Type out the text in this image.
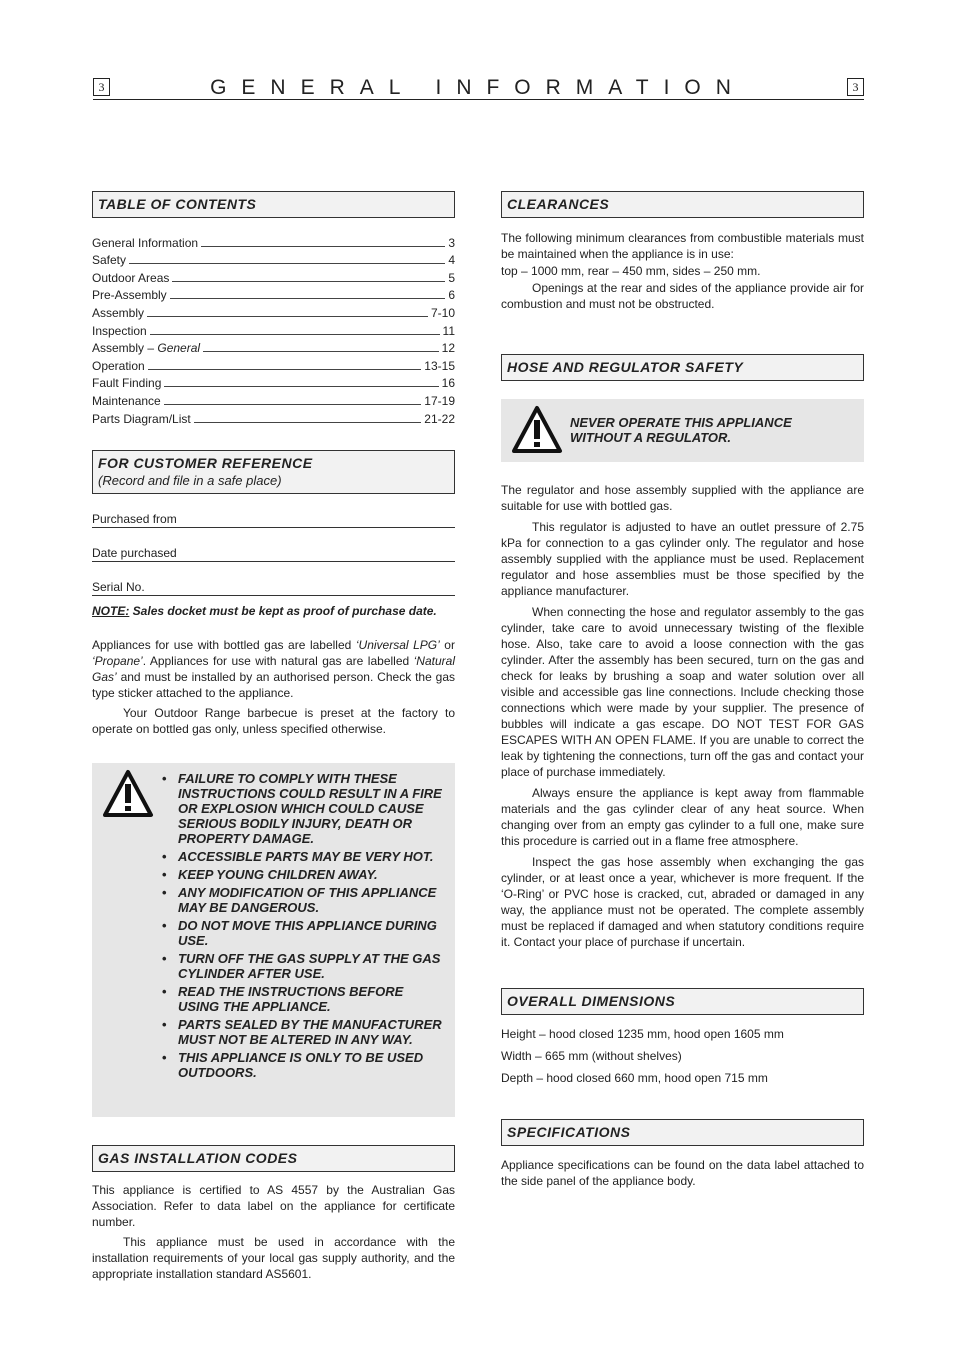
3	GENERAL INFORMATION	3
TABLE OF CONTENTS
General Information	3
Safety	4
Outdoor Areas	5
Pre-Assembly	6
Assembly	7-10
Inspection	11
Assembly – General	12
Operation	13-15
Fault Finding	16
Maintenance	17-19
Parts Diagram/List	21-22
FOR CUSTOMER REFERENCE
(Record and file in a safe place)
Purchased from
Date purchased
Serial No.
NOTE: Sales docket must be kept as proof of purchase date.

Appliances for use with bottled gas are labelled ‘Universal LPG’ or ‘Propane’. Appliances for use with natural gas are labelled ‘Natural Gas’ and must be installed by an authorised person. Check the gas type sticker attached to the appliance.

Your Outdoor Range barbecue is preset at the factory to operate on bottled gas only, unless specified otherwise.

• FAILURE TO COMPLY WITH THESE INSTRUCTIONS COULD RESULT IN A FIRE OR EXPLOSION WHICH COULD CAUSE SERIOUS BODILY INJURY, DEATH OR PROPERTY DAMAGE.
• ACCESSIBLE PARTS MAY BE VERY HOT.
• KEEP YOUNG CHILDREN AWAY.
• ANY MODIFICATION OF THIS APPLIANCE MAY BE DANGEROUS.
• DO NOT MOVE THIS APPLIANCE DURING USE.
• TURN OFF THE GAS SUPPLY AT THE GAS CYLINDER AFTER USE.
• READ THE INSTRUCTIONS BEFORE USING THE APPLIANCE.
• PARTS SEALED BY THE MANUFACTURER MUST NOT BE ALTERED IN ANY WAY.
• THIS APPLIANCE IS ONLY TO BE USED OUTDOORS.
GAS INSTALLATION CODES

This appliance is certified to AS 4557 by the Australian Gas Association. Refer to data label on the appliance for certificate number.

This appliance must be used in accordance with the installation requirements of your local gas supply authority, and the appropriate installation standard AS5601.

CLEARANCES

The following minimum clearances from combustible materials must be maintained when the appliance is in use:

top – 1000 mm, rear – 450 mm, sides – 250 mm.

Openings at the rear and sides of the appliance provide air for combustion and must not be obstructed.

HOSE AND REGULATOR SAFETY
NEVER OPERATE THIS APPLIANCE WITHOUT A REGULATOR.

The regulator and hose assembly supplied with the appliance are suitable for use with bottled gas.

This regulator is adjusted to have an outlet pressure of 2.75 kPa for connection to a gas cylinder only. The regulator and hose assembly supplied with the appliance must be used. Replacement regulator and hose assemblies must be those specified by the appliance manufacturer.

When connecting the hose and regulator assembly to the gas cylinder, take care to avoid unnecessary twisting of the flexible hose. Also, take care to avoid a loose connection with the gas cylinder. After the assembly has been secured, turn on the gas and check for leaks by brushing a soap and water solution over all visible and accessible gas line connections. Include checking those connections which were made by your supplier. The presence of bubbles will indicate a gas escape. DO NOT TEST FOR GAS ESCAPES WITH AN OPEN FLAME. If you are unable to correct the leak by tightening the connections, turn off the gas and contact your place of purchase immediately.

Always ensure the appliance is kept away from flammable materials and the gas cylinder clear of any heat source. When changing over from an empty gas cylinder to a full one, make sure this procedure is carried out in a flame free atmosphere.

Inspect the gas hose assembly when exchanging the gas cylinder, or at least once a year, whichever is more frequent. If the ‘O-Ring’ or PVC hose is cracked, cut, abraded or damaged in any way, the appliance must not be operated. The complete assembly must be replaced if damaged and when statutory conditions require it. Contact your place of purchase if uncertain.

OVERALL DIMENSIONS
Height – hood closed 1235 mm, hood open 1605 mm
Width – 665 mm (without shelves)
Depth – hood closed 660 mm, hood open 715 mm
SPECIFICATIONS

Appliance specifications can be found on the data label attached to the side panel of the appliance body.
